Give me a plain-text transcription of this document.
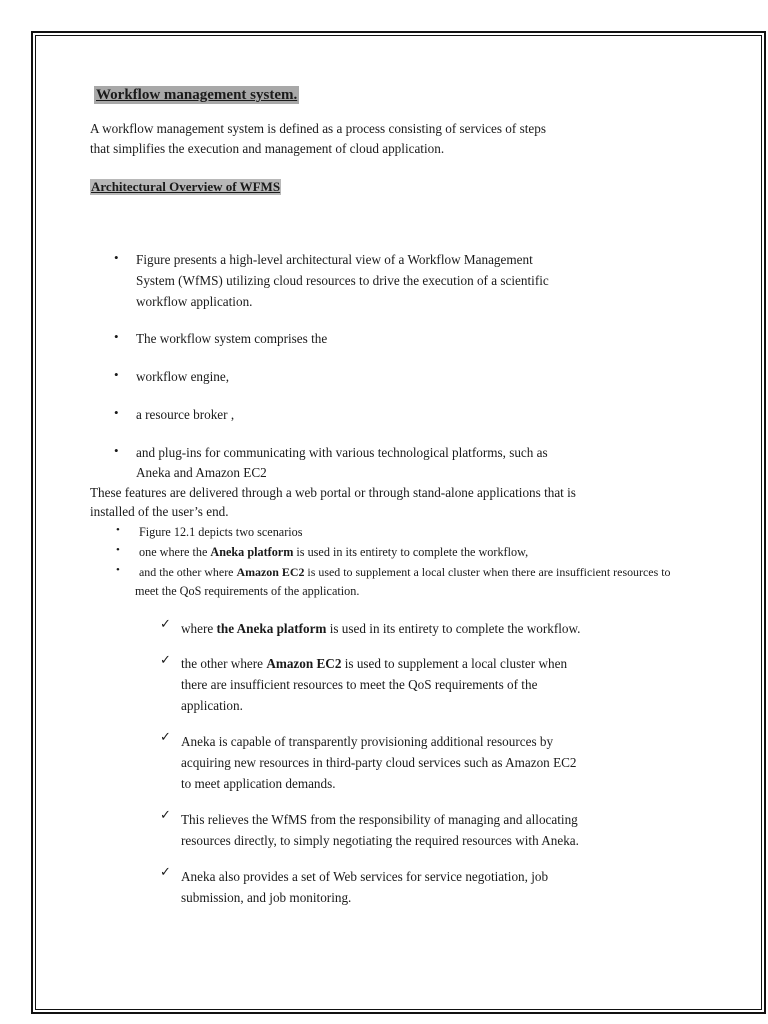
Workflow management system.
A workflow management system is defined as a process consisting of services of steps
that simplifies the execution and management of cloud application.
Architectural Overview of WFMS
• Figure presents a high-level architectural view of a Workflow Management
System (WfMS) utilizing cloud resources to drive the execution of a scientific
workflow application.
• The workflow system comprises the
• workflow engine,
• a resource broker ,
• and plug-ins for communicating with various technological platforms, such as
Aneka and Amazon EC2
These features are delivered through a web portal or through stand-alone applications that is
installed of the user’s end.
• Figure 12.1 depicts two scenarios
• one where the Aneka platform is used in its entirety to complete the workflow,
• and the other where Amazon EC2 is used to supplement a local cluster when there are insufficient resources to
meet the QoS requirements of the application.
✓ where the Aneka platform is used in its entirety to complete the workflow.
✓ the other where Amazon EC2 is used to supplement a local cluster when
there are insufficient resources to meet the QoS requirements of the
application.
✓ Aneka is capable of transparently provisioning additional resources by
acquiring new resources in third-party cloud services such as Amazon EC2
to meet application demands.
✓ This relieves the WfMS from the responsibility of managing and allocating
resources directly, to simply negotiating the required resources with Aneka.
✓ Aneka also provides a set of Web services for service negotiation, job
submission, and job monitoring.
